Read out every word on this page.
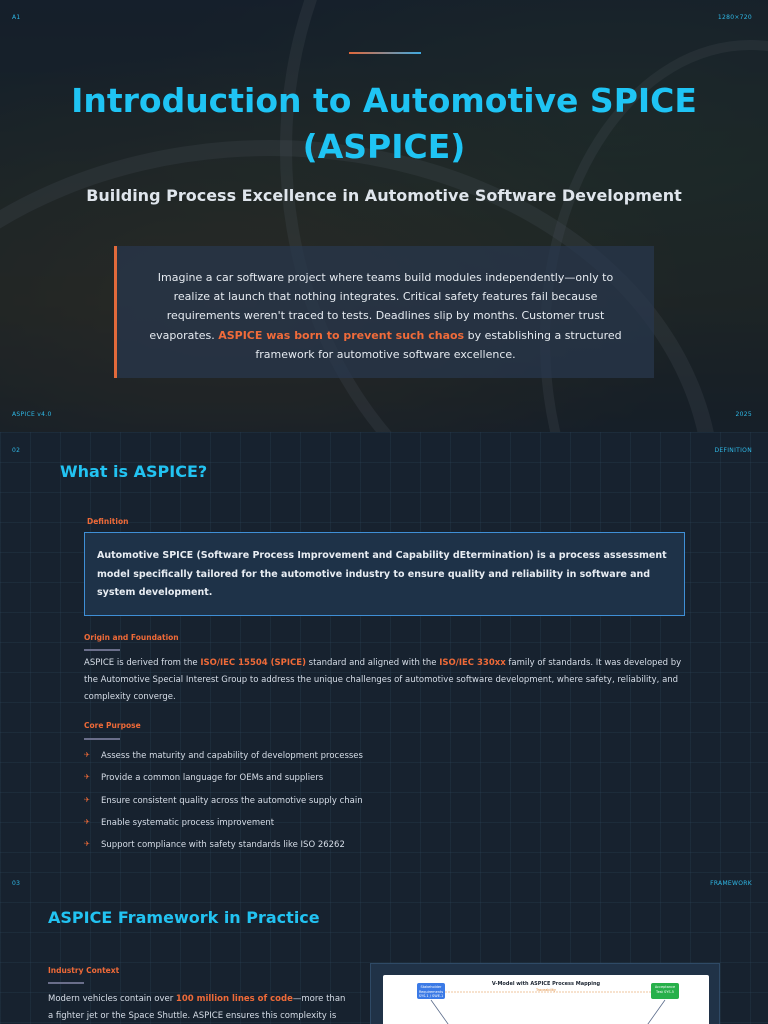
A1	1280×720
Introduction to Automotive SPICE (ASPICE)
Building Process Excellence in Automotive Software Development
Imagine a car software project where teams build modules independently—only to realize at launch that nothing integrates. Critical safety features fail because requirements weren't traced to tests. Deadlines slip by months. Customer trust evaporates. ASPICE was born to prevent such chaos by establishing a structured framework for automotive software excellence.
ASPICE v4.0	2025
02	DEFINITION
What is ASPICE?
Definition
Automotive SPICE (Software Process Improvement and Capability dEtermination) is a process assessment model specifically tailored for the automotive industry to ensure quality and reliability in software and system development.
Origin and Foundation

ASPICE is derived from the ISO/IEC 15504 (SPICE) standard and aligned with the ISO/IEC 330xx family of standards. It was developed by the Automotive Special Interest Group to address the unique challenges of automotive software development, where safety, reliability, and complexity converge.

Core Purpose
✈ Assess the maturity and capability of development processes
✈ Provide a common language for OEMs and suppliers
✈ Ensure consistent quality across the automotive supply chain
✈ Enable systematic process improvement
✈ Support compliance with safety standards like ISO 26262
03	FRAMEWORK
ASPICE Framework in Practice
Industry Context

Modern vehicles contain over 100 million lines of code—more than a fighter jet or the Space Shuttle. ASPICE ensures this complexity is

V-Model with ASPICE Process Mapping
Traceability
Stakeholder Requirements SYS.1 / SWE.1
Acceptance Test SYS.5
